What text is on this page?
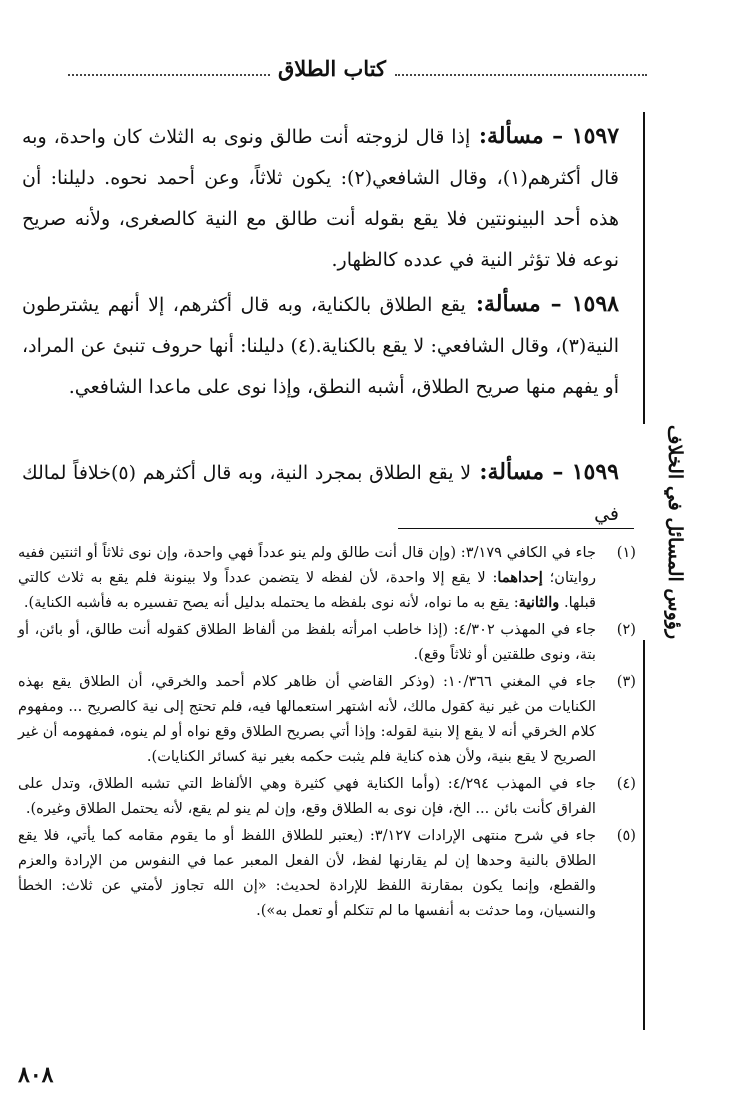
كتاب الطلاق
رؤوس المسائل في الخلاف

١٥٩٧ – مسألة: إذا قال لزوجته أنت طالق ونوى به الثلاث كان واحدة، وبه قال أكثرهم(١)، وقال الشافعي(٢): يكون ثلاثاً، وعن أحمد نحوه. دليلنا: أن هذه أحد البينونتين فلا يقع بقوله أنت طالق مع النية كالصغرى، ولأنه صريح نوعه فلا تؤثر النية في عدده كالظهار.

١٥٩٨ – مسألة: يقع الطلاق بالكناية، وبه قال أكثرهم، إلا أنهم يشترطون النية(٣)، وقال الشافعي: لا يقع بالكناية.(٤) دليلنا: أنها حروف تنبئ عن المراد، أو يفهم منها صريح الطلاق، أشبه النطق، وإذا نوى على ماعدا الشافعي.

١٥٩٩ – مسألة: لا يقع الطلاق بمجرد النية، وبه قال أكثرهم (٥)خلافاً لمالك في

(١)
جاء في الكافي ٣/١٧٩: (وإن قال أنت طالق ولم ينو عدداً فهي واحدة، وإن نوى ثلاثاً أو اثنتين ففيه روايتان؛ إحداهما: لا يقع إلا واحدة، لأن لفظه لا يتضمن عدداً ولا بينونة فلم يقع به ثلاث كالتي قبلها. والثانية: يقع به ما نواه، لأنه نوى بلفظه ما يحتمله بدليل أنه يصح تفسيره به فأشبه الكناية).
(٢)
جاء في المهذب ٤/٣٠٢: (إذا خاطب امرأته بلفظ من ألفاظ الطلاق كقوله أنت طالق، أو بائن، أو بتة، ونوى طلقتين أو ثلاثاً وقع).
(٣)
جاء في المغني ١٠/٣٦٦: (وذكر القاضي أن ظاهر كلام أحمد والخرقي، أن الطلاق يقع بهذه الكنايات من غير نية كقول مالك، لأنه اشتهر استعمالها فيه، فلم تحتج إلى نية كالصريح ... ومفهوم كلام الخرقي أنه لا يقع إلا بنية لقوله: وإذا أتي بصريح الطلاق وقع نواه أو لم ينوه، فمفهومه أن غير الصريح لا يقع بنية، ولأن هذه كناية فلم يثبت حكمه بغير نية كسائر الكنايات).
(٤)
جاء في المهذب ٤/٢٩٤: (وأما الكناية فهي كثيرة وهي الألفاظ التي تشبه الطلاق، وتدل على الفراق كأنت بائن ... الخ، فإن نوى به الطلاق وقع، وإن لم ينو لم يقع، لأنه يحتمل الطلاق وغيره).
(٥)
جاء في شرح منتهى الإرادات ٣/١٢٧: (يعتبر للطلاق اللفظ أو ما يقوم مقامه كما يأتي، فلا يقع الطلاق بالنية وحدها إن لم يقارنها لفظ، لأن الفعل المعبر عما في النفوس من الإرادة والعزم والقطع، وإنما يكون بمقارنة اللفظ للإرادة لحديث: «إن الله تجاوز لأمتي عن ثلاث: الخطأ والنسيان، وما حدثت به أنفسها ما لم تتكلم أو تعمل به»).
٨٠٨
